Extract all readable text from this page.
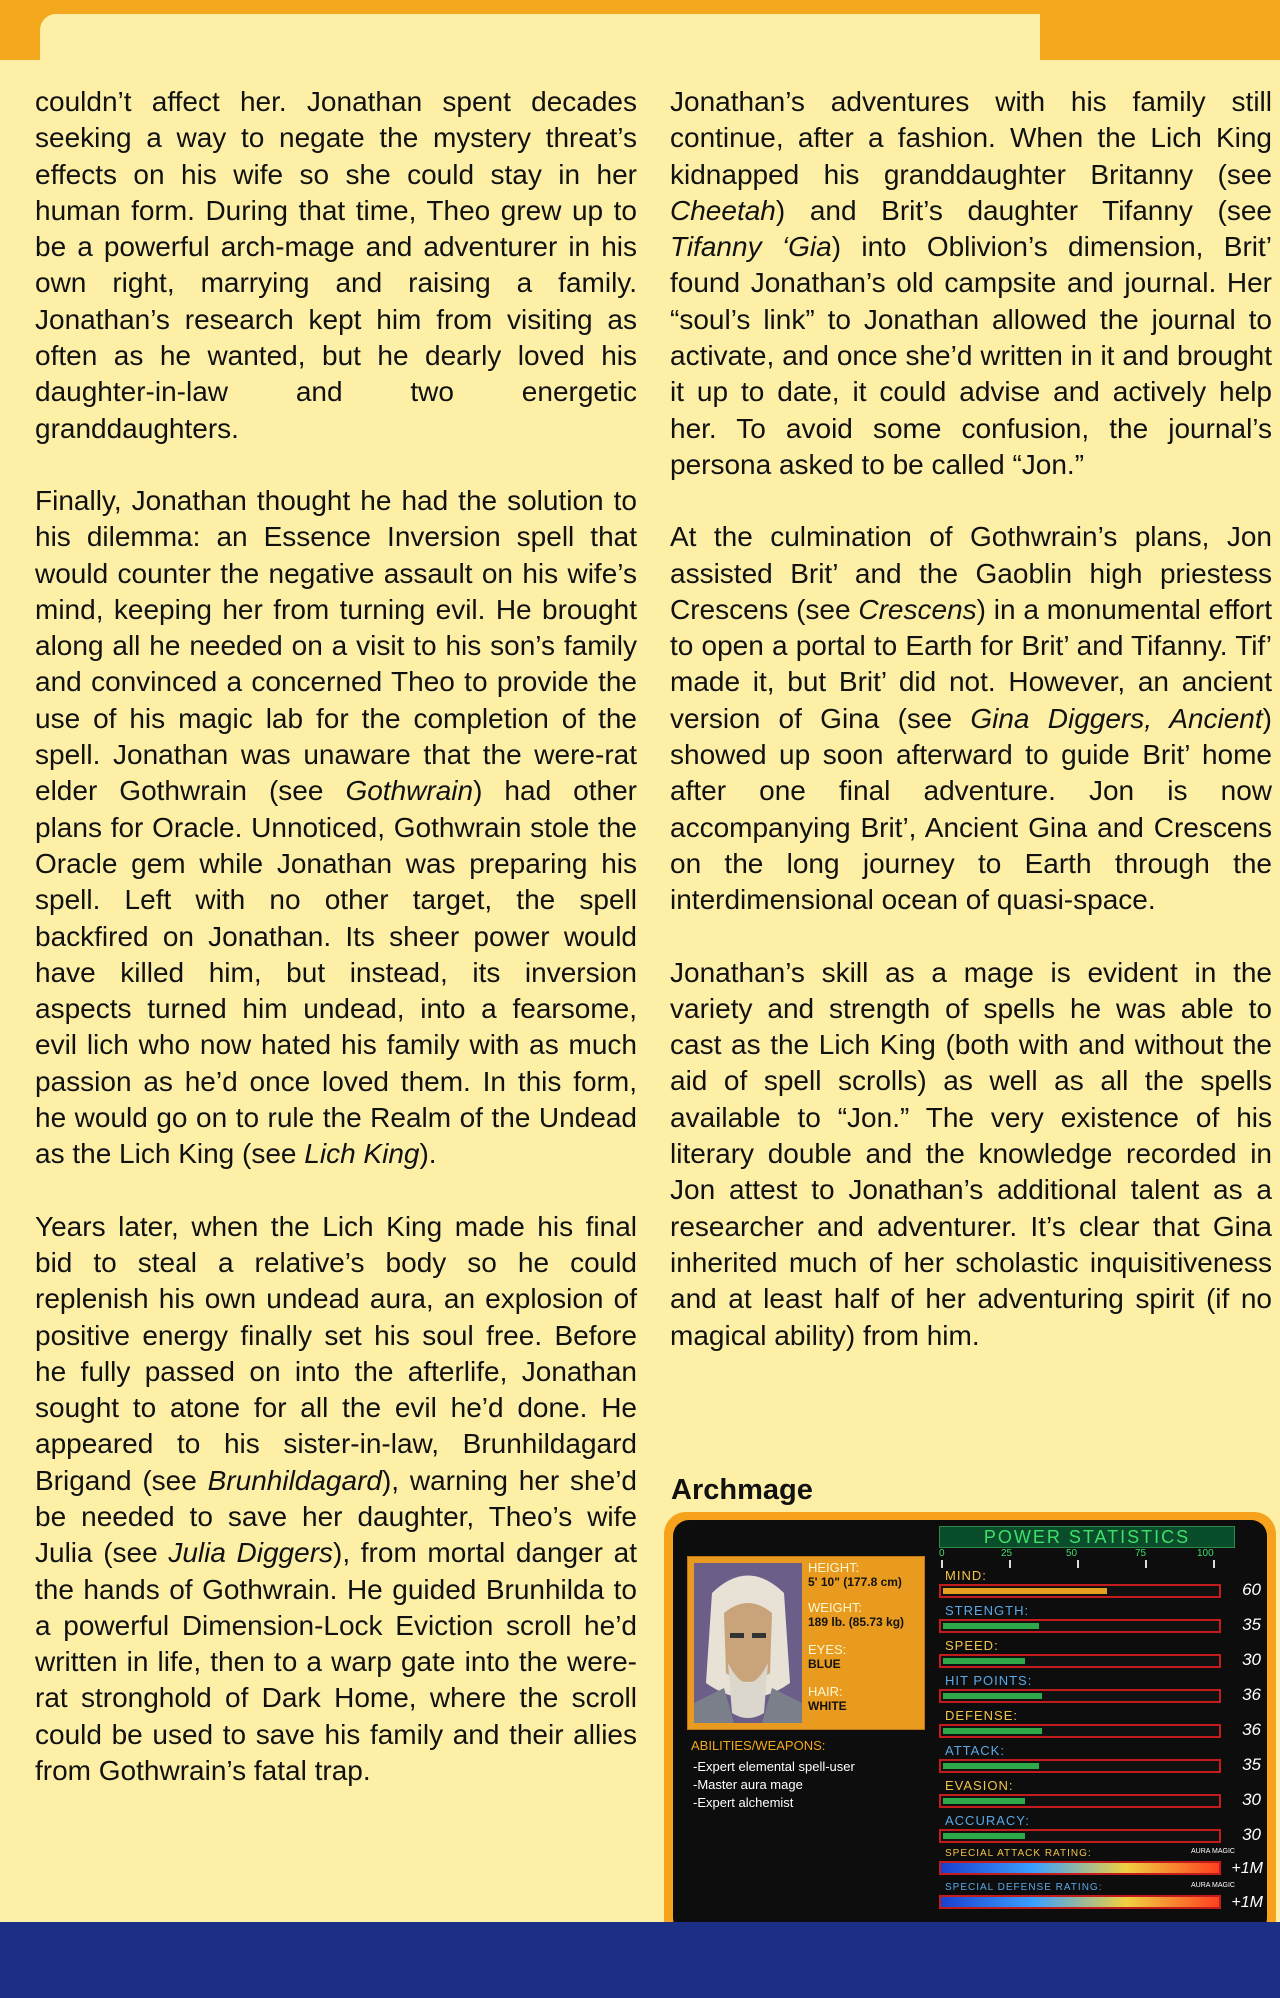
couldn’t affect her. Jonathan spent decades seeking a way to negate the mystery threat’s effects on his wife so she could stay in her human form. During that time, Theo grew up to be a powerful arch-mage and adventurer in his own right, marrying and raising a family. Jonathan’s research kept him from visiting as often as he wanted, but he dearly loved his daughter-in-law and two energetic granddaughters.

Finally, Jonathan thought he had the solution to his dilemma: an Essence Inversion spell that would counter the negative assault on his wife’s mind, keeping her from turning evil. He brought along all he needed on a visit to his son’s family and convinced a concerned Theo to provide the use of his magic lab for the completion of the spell. Jonathan was unaware that the were-rat elder Gothwrain (see Gothwrain) had other plans for Oracle. Unnoticed, Gothwrain stole the Oracle gem while Jonathan was preparing his spell. Left with no other target, the spell backfired on Jonathan. Its sheer power would have killed him, but instead, its inversion aspects turned him undead, into a fearsome, evil lich who now hated his family with as much passion as he’d once loved them. In this form, he would go on to rule the Realm of the Undead as the Lich King (see Lich King).

Years later, when the Lich King made his final bid to steal a relative’s body so he could replenish his own undead aura, an explosion of positive energy finally set his soul free. Before he fully passed on into the afterlife, Jonathan sought to atone for all the evil he’d done. He appeared to his sister-in-law, Brunhildagard Brigand (see Brunhildagard), warning her she’d be needed to save her daughter, Theo’s wife Julia (see Julia Diggers), from mortal danger at the hands of Gothwrain. He guided Brunhilda to a powerful Dimension-Lock Eviction scroll he’d written in life, then to a warp gate into the were-rat stronghold of Dark Home, where the scroll could be used to save his family and their allies from Gothwrain’s fatal trap.

Jonathan’s adventures with his family still continue, after a fashion. When the Lich King kidnapped his granddaughter Britanny (see Cheetah) and Brit’s daughter Tifanny (see Tifanny ‘Gia) into Oblivion’s dimension, Brit’ found Jonathan’s old campsite and journal. Her “soul’s link” to Jonathan allowed the journal to activate, and once she’d written in it and brought it up to date, it could advise and actively help her. To avoid some confusion, the journal’s persona asked to be called “Jon.”

At the culmination of Gothwrain’s plans, Jon assisted Brit’ and the Gaoblin high priestess Crescens (see Crescens) in a monumental effort to open a portal to Earth for Brit’ and Tifanny. Tif’ made it, but Brit’ did not. However, an ancient version of Gina (see Gina Diggers, Ancient) showed up soon afterward to guide Brit’ home after one final adventure. Jon is now accompanying Brit’, Ancient Gina and Crescens on the long journey to Earth through the interdimensional ocean of quasi-space.

Jonathan’s skill as a mage is evident in the variety and strength of spells he was able to cast as the Lich King (both with and without the aid of spell scrolls) as well as all the spells available to “Jon.” The very existence of his literary double and the knowledge recorded in Jon attest to Jonathan’s additional talent as a researcher and adventurer. It’s clear that Gina inherited much of her scholastic inquisitiveness and at least half of her adventuring spirit (if no magical ability) from him.

Archmage
HEIGHT:
5' 10" (177.8 cm)
WEIGHT:
189 lb. (85.73 kg)
EYES:
BLUE
HAIR:
WHITE
ABILITIES/WEAPONS:
-Expert elemental spell-user
-Master aura mage
-Expert alchemist
POWER STATISTICS
0	25	50	75	100
MIND:
60
STRENGTH:
35
SPEED:
30
HIT POINTS:
36
DEFENSE:
36
ATTACK:
35
EVASION:
30
ACCURACY:
30
SPECIAL ATTACK RATING:	AURA MAGIC
+1M
SPECIAL DEFENSE RATING:	AURA MAGIC
+1M
